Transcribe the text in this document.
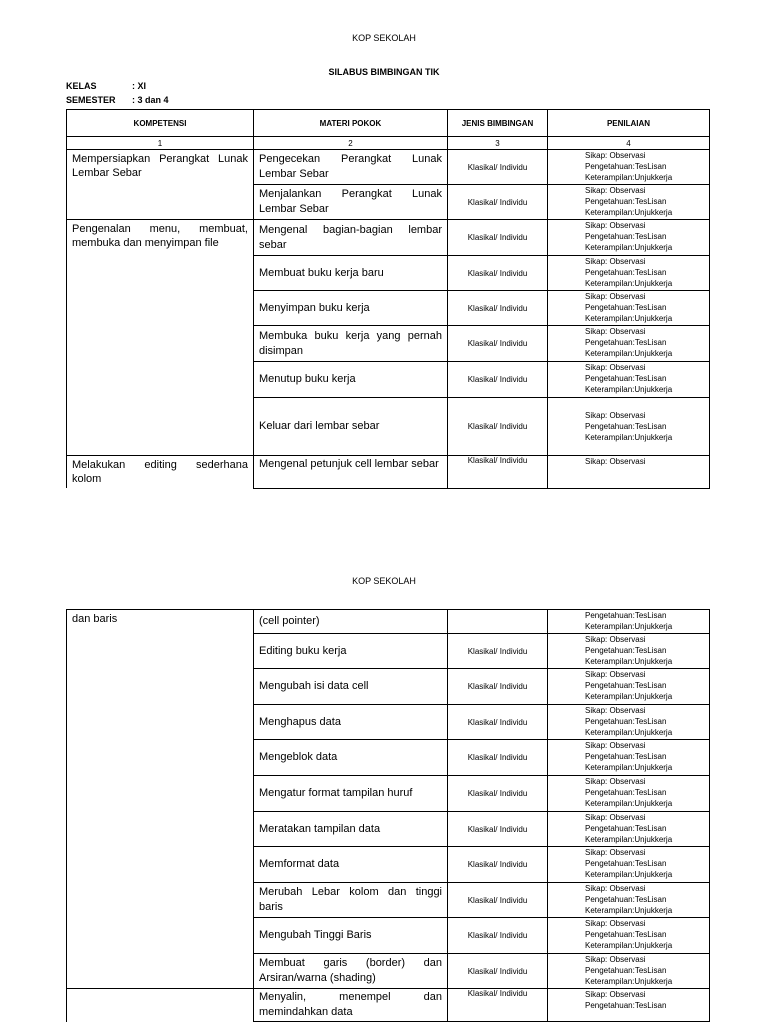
KOP SEKOLAH
SILABUS BIMBINGAN TIK
KELAS	: XI
SEMESTER : 3 dan 4
KOMPETENSI	MATERI POKOK	JENIS BIMBINGAN	PENILAIAN
1	2	3	4
Mempersiapkan Perangkat Lunak Lembar Sebar	Pengecekan Perangkat Lunak Lembar Sebar	Klasikal/ Individu	Sikap: Observasi
Pengetahuan:TesLisan
Keterampilan:Unjukkerja

	Menjalankan Perangkat Lunak Lembar Sebar	Klasikal/ Individu	Sikap: Observasi
Pengetahuan:TesLisan
Keterampilan:Unjukkerja

Pengenalan menu, membuat, membuka dan menyimpan file	Mengenal bagian-bagian lembar sebar	Klasikal/ Individu	Sikap: Observasi
Pengetahuan:TesLisan
Keterampilan:Unjukkerja

	Membuat buku kerja baru	Klasikal/ Individu	Sikap: Observasi
Pengetahuan:TesLisan
Keterampilan:Unjukkerja

	Menyimpan buku kerja	Klasikal/ Individu	Sikap: Observasi
Pengetahuan:TesLisan
Keterampilan:Unjukkerja

	Membuka buku kerja yang pernah disimpan	Klasikal/ Individu	Sikap: Observasi
Pengetahuan:TesLisan
Keterampilan:Unjukkerja

	Menutup buku kerja	Klasikal/ Individu	Sikap: Observasi
Pengetahuan:TesLisan
Keterampilan:Unjukkerja

	Keluar dari lembar sebar	Klasikal/ Individu	Sikap: Observasi
Pengetahuan:TesLisan
Keterampilan:Unjukkerja

Melakukan editing sederhana kolom	Mengenal petunjuk cell lembar sebar	Klasikal/ Individu	Sikap: Observasi
KOP SEKOLAH
dan baris	(cell pointer)		Pengetahuan:TesLisan
Keterampilan:Unjukkerja

	Editing buku kerja	Klasikal/ Individu	Sikap: Observasi
Pengetahuan:TesLisan
Keterampilan:Unjukkerja

	Mengubah isi data cell	Klasikal/ Individu	Sikap: Observasi
Pengetahuan:TesLisan
Keterampilan:Unjukkerja

	Menghapus data	Klasikal/ Individu	Sikap: Observasi
Pengetahuan:TesLisan
Keterampilan:Unjukkerja

	Mengeblok data	Klasikal/ Individu	Sikap: Observasi
Pengetahuan:TesLisan
Keterampilan:Unjukkerja

	Mengatur format tampilan huruf	Klasikal/ Individu	Sikap: Observasi
Pengetahuan:TesLisan
Keterampilan:Unjukkerja

	Meratakan tampilan data	Klasikal/ Individu	Sikap: Observasi
Pengetahuan:TesLisan
Keterampilan:Unjukkerja

	Memformat data	Klasikal/ Individu	Sikap: Observasi
Pengetahuan:TesLisan
Keterampilan:Unjukkerja

	Merubah Lebar kolom dan tinggi baris	Klasikal/ Individu	Sikap: Observasi
Pengetahuan:TesLisan
Keterampilan:Unjukkerja

	Mengubah Tinggi Baris	Klasikal/ Individu	Sikap: Observasi
Pengetahuan:TesLisan
Keterampilan:Unjukkerja

	Membuat garis (border) dan Arsiran/warna (shading)	Klasikal/ Individu	Sikap: Observasi
Pengetahuan:TesLisan
Keterampilan:Unjukkerja

	Menyalin, menempel dan memindahkan data	Klasikal/ Individu	Sikap: Observasi
Pengetahuan:TesLisan
